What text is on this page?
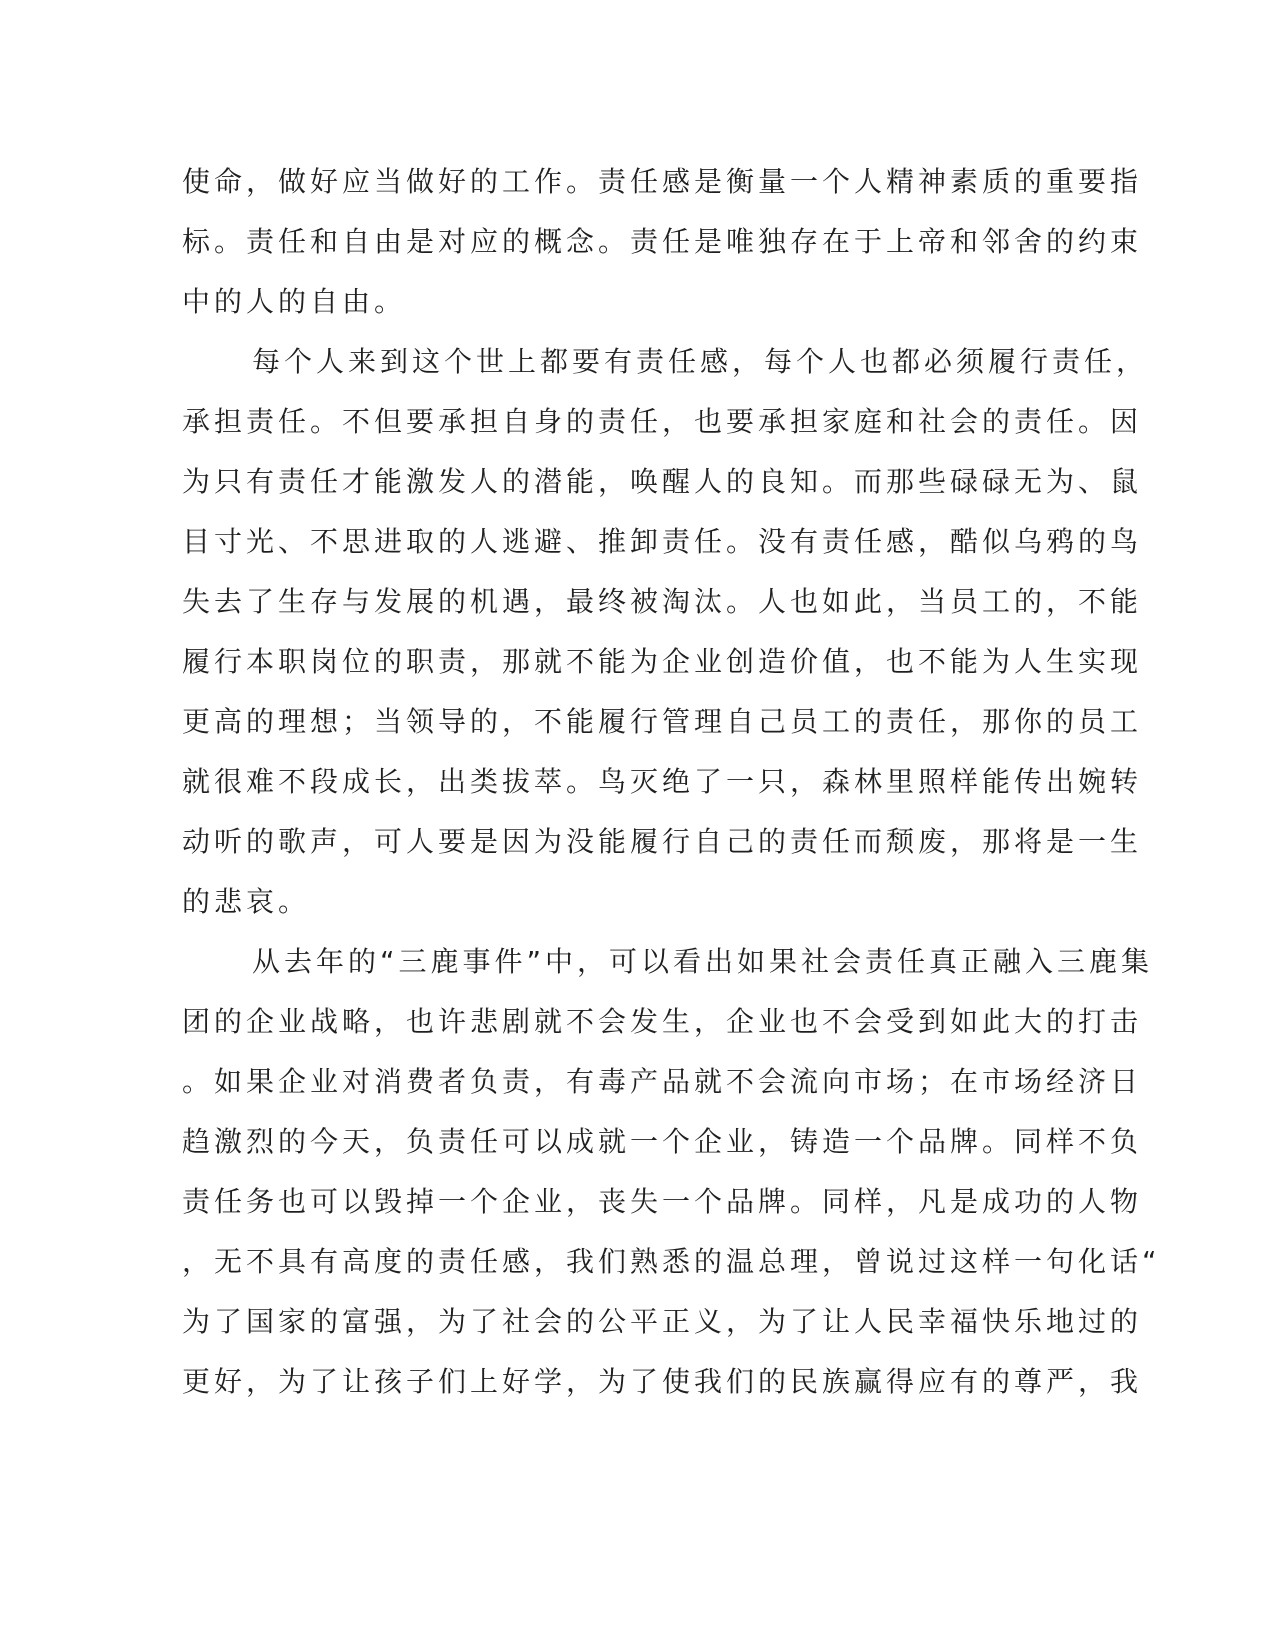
使命，做好应当做好的工作。责任感是衡量一个人精神素质的重要指
标。责任和自由是对应的概念。责任是唯独存在于上帝和邻舍的约束
中的人的自由。
每个人来到这个世上都要有责任感，每个人也都必须履行责任，
承担责任。不但要承担自身的责任，也要承担家庭和社会的责任。因
为只有责任才能激发人的潜能，唤醒人的良知。而那些碌碌无为、鼠
目寸光、不思进取的人逃避、推卸责任。没有责任感，酷似乌鸦的鸟
失去了生存与发展的机遇，最终被淘汰。人也如此，当员工的，不能
履行本职岗位的职责，那就不能为企业创造价值，也不能为人生实现
更高的理想；当领导的，不能履行管理自己员工的责任，那你的员工
就很难不段成长，出类拔萃。鸟灭绝了一只，森林里照样能传出婉转
动听的歌声，可人要是因为没能履行自己的责任而颓废，那将是一生
的悲哀。
从去年的“三鹿事件”中，可以看出如果社会责任真正融入三鹿集
团的企业战略，也许悲剧就不会发生，企业也不会受到如此大的打击
。如果企业对消费者负责，有毒产品就不会流向市场；在市场经济日
趋激烈的今天，负责任可以成就一个企业，铸造一个品牌。同样不负
责任务也可以毁掉一个企业，丧失一个品牌。同样，凡是成功的人物
，无不具有高度的责任感，我们熟悉的温总理，曾说过这样一句化话“
为了国家的富强，为了社会的公平正义，为了让人民幸福快乐地过的
更好，为了让孩子们上好学，为了使我们的民族赢得应有的尊严，我
